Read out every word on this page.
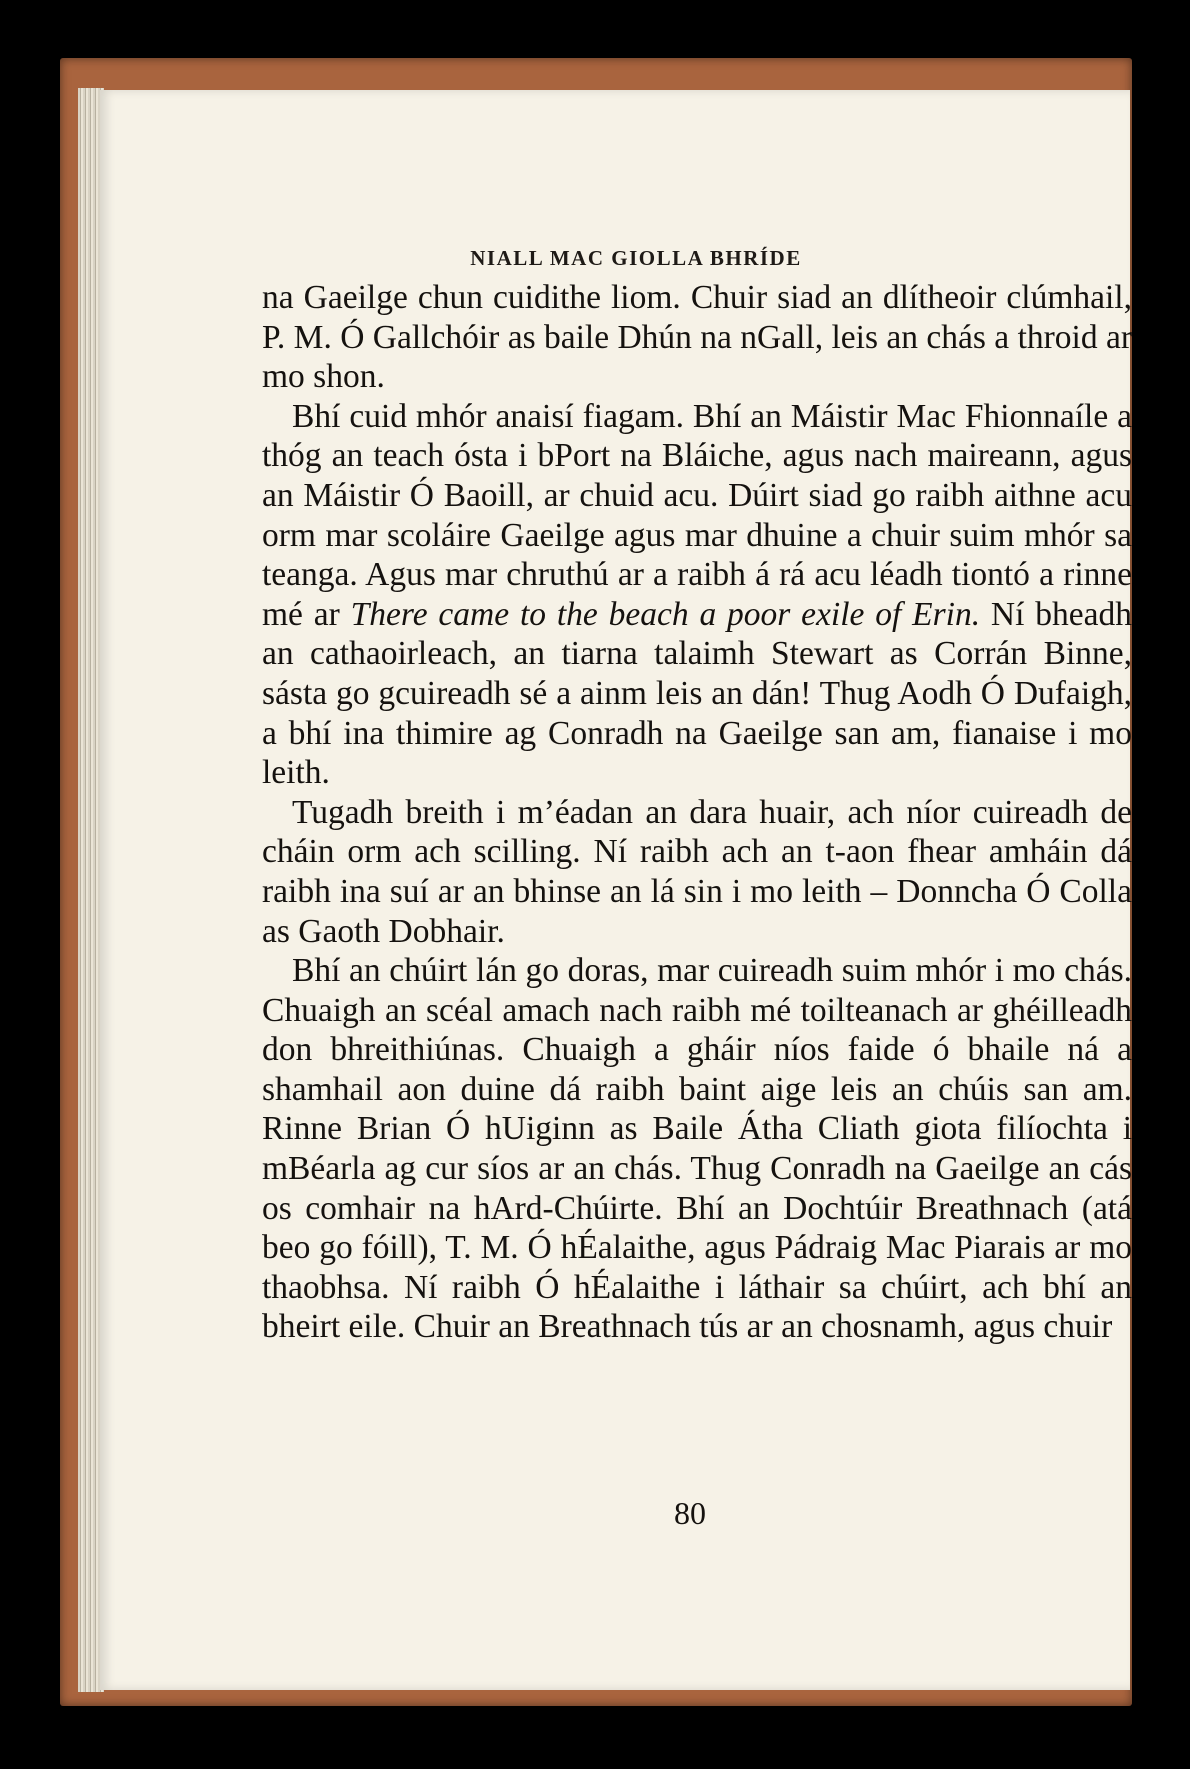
NIALL MAC GIOLLA BHRÍDE

na Gaeilge chun cuidithe liom. Chuir siad an dlítheoir clúmhail, P. M. Ó Gallchóir as baile Dhún na nGall, leis an chás a throid ar mo shon.

Bhí cuid mhór anaisí fiagam. Bhí an Máistir Mac Fhionnaíle a thóg an teach ósta i bPort na Bláiche, agus nach maireann, agus an Máistir Ó Baoill, ar chuid acu. Dúirt siad go raibh aithne acu orm mar scoláire Gaeilge agus mar dhuine a chuir suim mhór sa teanga. Agus mar chruthú ar a raibh á rá acu léadh tiontó a rinne mé ar There came to the beach a poor exile of Erin. Ní bheadh an cathaoirleach, an tiarna talaimh Stewart as Corrán Binne, sásta go gcuireadh sé a ainm leis an dán! Thug Aodh Ó Dufaigh, a bhí ina thimire ag Conradh na Gaeilge san am, fianaise i mo leith.

Tugadh breith i m’éadan an dara huair, ach níor cuireadh de cháin orm ach scilling. Ní raibh ach an t-aon fhear amháin dá raibh ina suí ar an bhinse an lá sin i mo leith – Donncha Ó Colla as Gaoth Dobhair.

Bhí an chúirt lán go doras, mar cuireadh suim mhór i mo chás. Chuaigh an scéal amach nach raibh mé toilteanach ar ghéilleadh don bhreithiúnas. Chuaigh a gháir níos faide ó bhaile ná a shamhail aon duine dá raibh baint aige leis an chúis san am. Rinne Brian Ó hUiginn as Baile Átha Cliath giota filíochta i mBéarla ag cur síos ar an chás. Thug Conradh na Gaeilge an cás os comhair na hArd-Chúirte. Bhí an Dochtúir Breathnach (atá beo go fóill), T. M. Ó hÉalaithe, agus Pádraig Mac Piarais ar mo thaobhsa. Ní raibh Ó hÉalaithe i láthair sa chúirt, ach bhí an bheirt eile. Chuir an Breathnach tús ar an chosnamh, agus chuir

80
